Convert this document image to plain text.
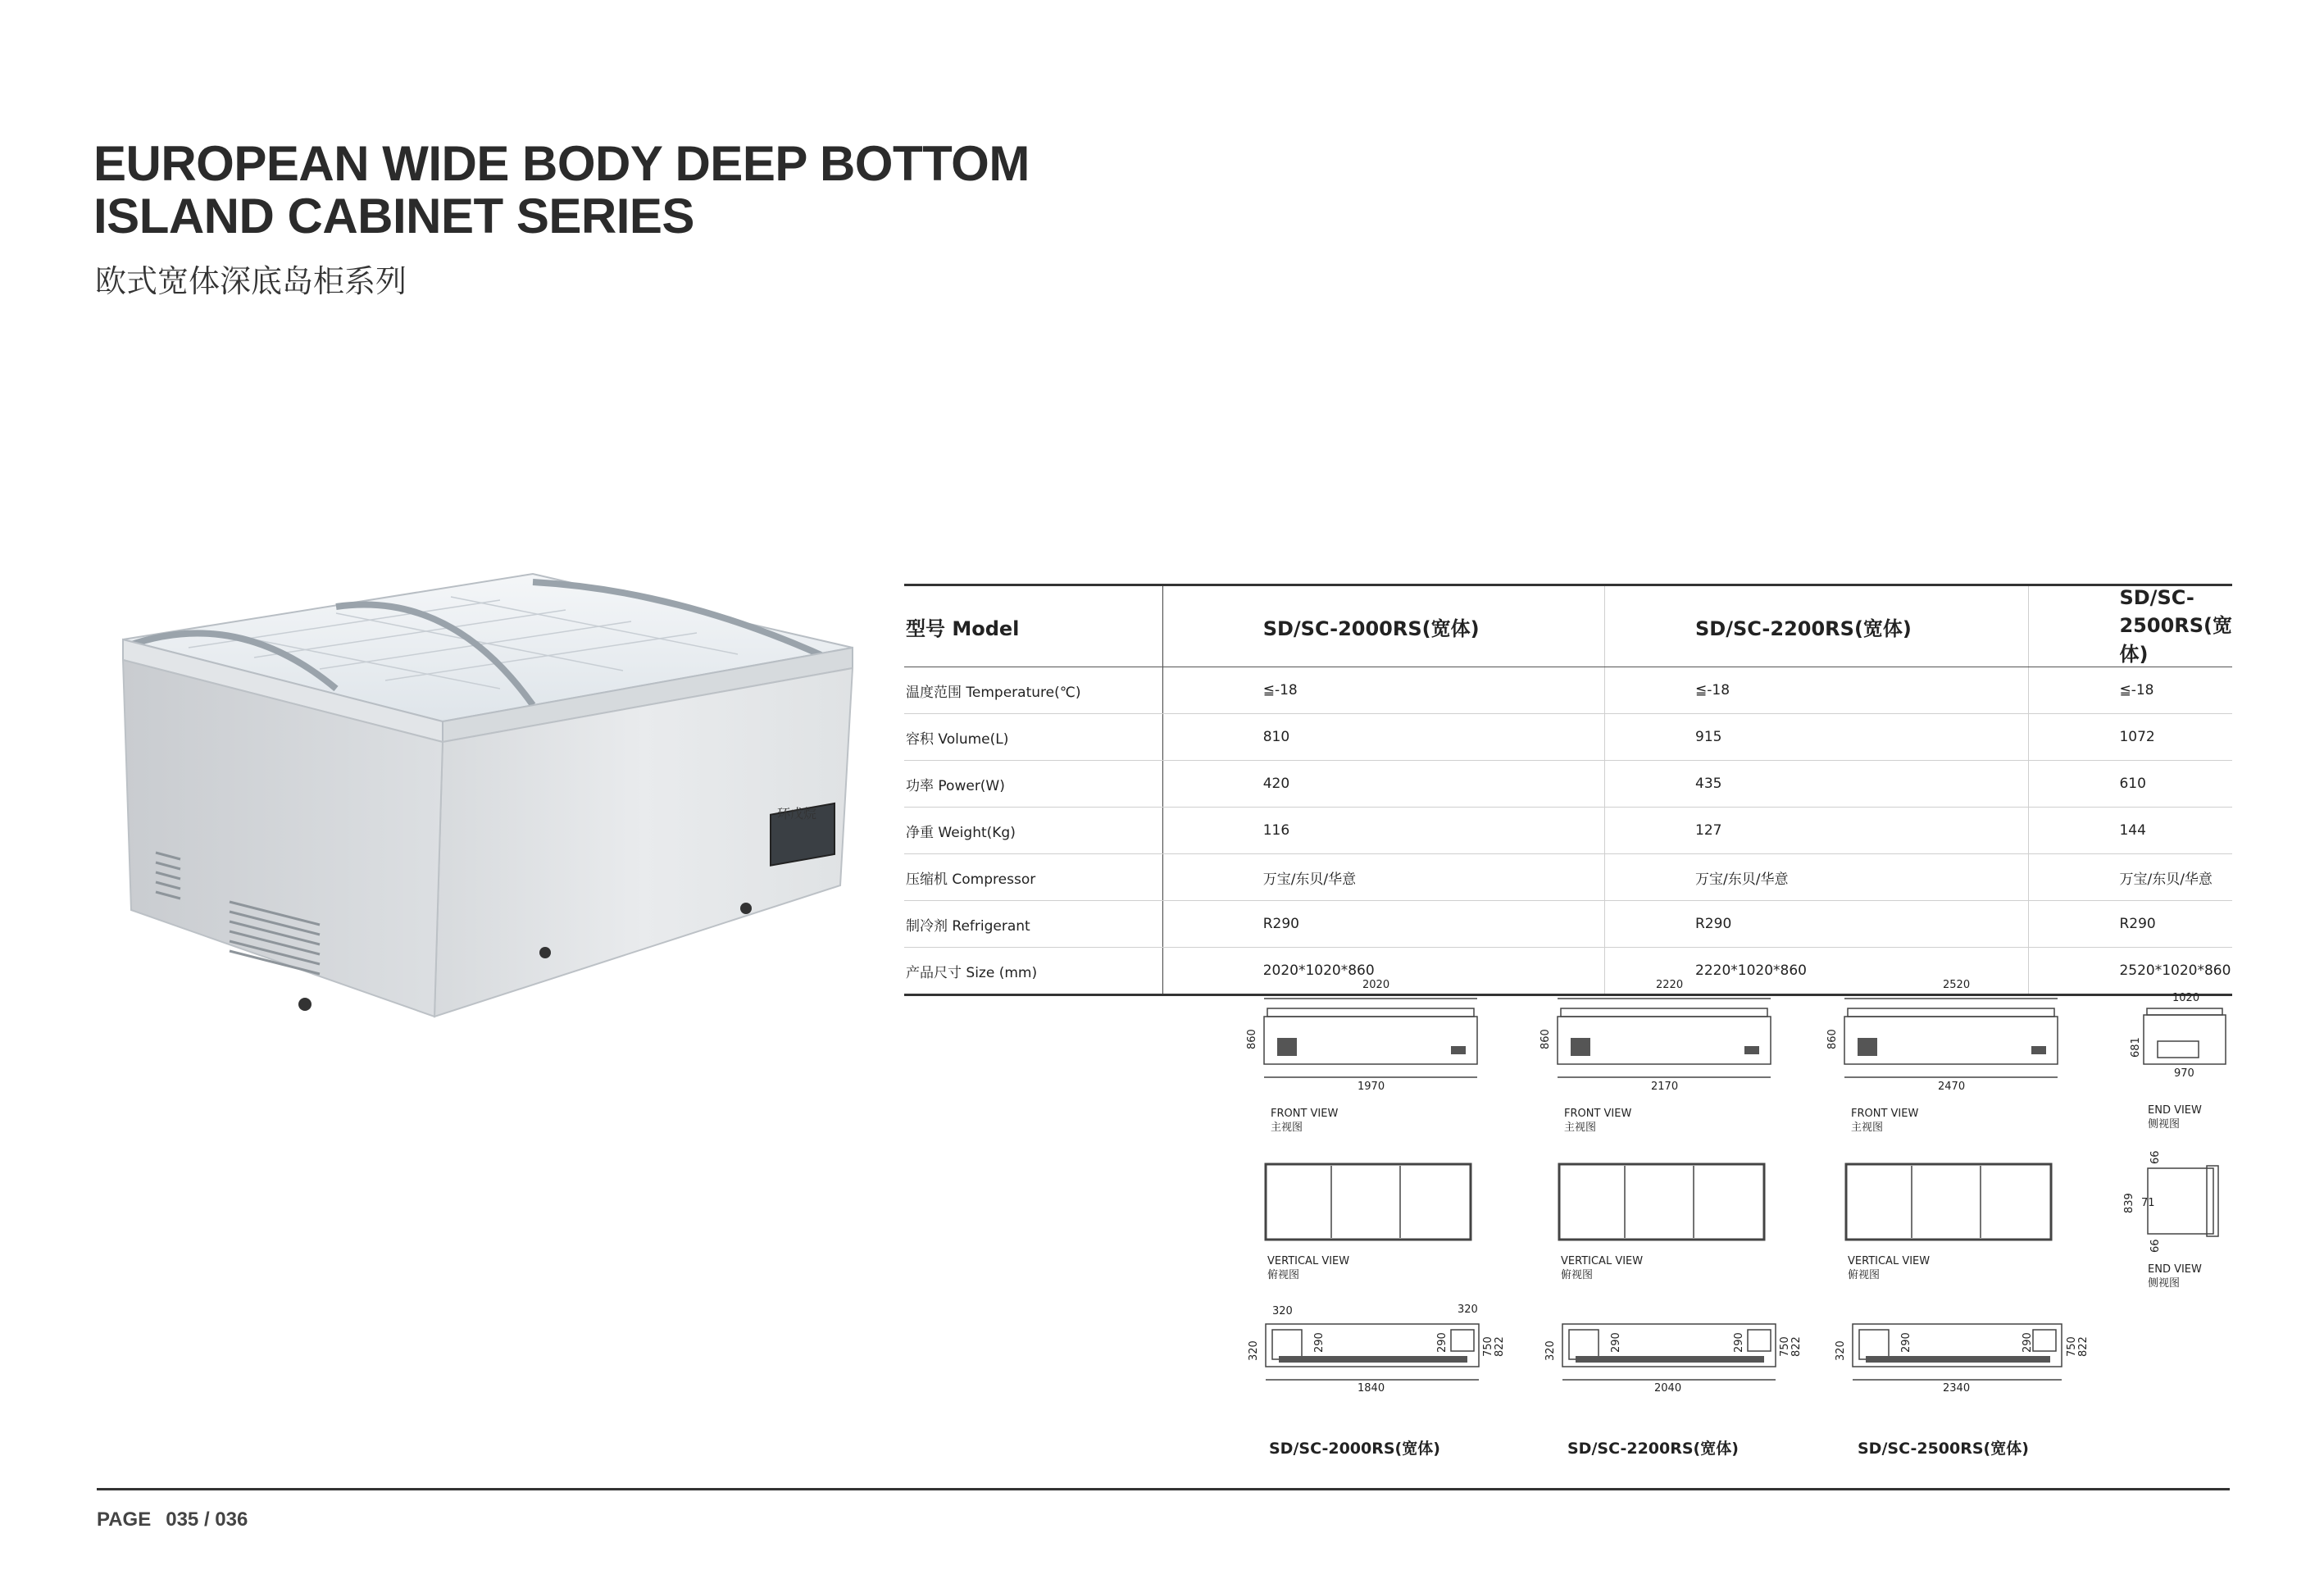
EUROPEAN WIDE BODY DEEP BOTTOM
ISLAND CABINET SERIES
欧式宽体深底岛柜系列
环戊烷
型号 Model	SD/SC-2000RS(宽体)	SD/SC-2200RS(宽体)	SD/SC-2500RS(宽体)
温度范围 Temperature(℃)	≦-18	≦-18	≦-18
容积 Volume(L)	810	915	1072
功率 Power(W)	420	435	610
净重 Weight(Kg)	116	127	144
压缩机 Compressor	万宝/东贝/华意	万宝/东贝/华意	万宝/东贝/华意
制冷剂 Refrigerant	R290	R290	R290
产品尺寸 Size (mm)	2020*1020*860	2220*1020*860	2520*1020*860
2020
860
1970
FRONT VIEW
主视图
2220
860
2170
FRONT VIEW
主视图
2520
860
2470
FRONT VIEW
主视图
1020
681
970
END VIEW
侧视图
VERTICAL VIEW
俯视图
VERTICAL VIEW
俯视图
VERTICAL VIEW
俯视图
66
71
839
66
END VIEW
侧视图
320	320
320	290	290	750 822
1840
SD/SC-2000RS(宽体)
320	290	290	750 822
2040
SD/SC-2200RS(宽体)
320	290	290	750 822
2340
SD/SC-2500RS(宽体)
PAGE 035 / 036
